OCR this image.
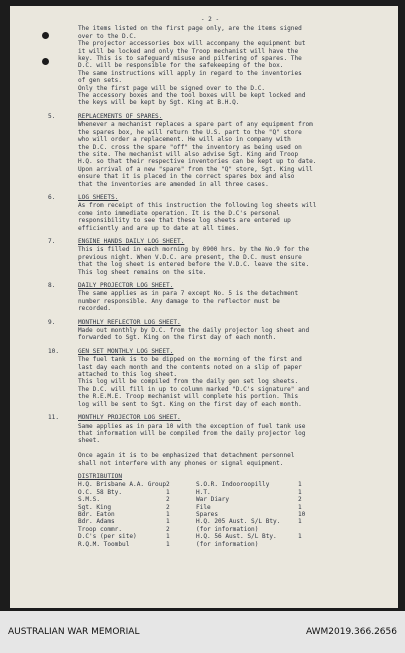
- 2 -
The items listed on the first page only, are the items signed
over to the D.C.
The projector accessories box will accompany the equipment but
it will be locked and only the Troop mechanist will have the
key. This is to safeguard misuse and pilfering of spares. The
D.C. will be responsible for the safekeeping of the box.
The same instructions will apply in regard to the inventories
of gen sets.
Only the first page will be signed over to the D.C.
The accessory boxes and the tool boxes will be kept locked and
the keys will be kept by Sgt. King at B.H.Q.
5.	REPLACEMENTS OF SPARES.
Whenever a mechanist replaces a spare part of any equipment from
the spares box, he will return the U.S. part to the "Q" store
who will order a replacement. He will also in company with
the D.C. cross the spare "off" the inventory as being used on
the site. The mechanist will also advise Sgt. King and Troop
H.Q. so that their respective inventories can be kept up to date.
Upon arrival of a new "spare" from the "Q" store, Sgt. King will
ensure that it is placed in the correct spares box and also
that the inventories are amended in all three cases.
6.	LOG SHEETS.
As from receipt of this instruction the following log sheets will
come into immediate operation. It is the D.C's personal
responsibility to see that these log sheets are entered up
efficiently and are up to date at all times.
7.	ENGINE HANDS DAILY LOG SHEET.
This is filled in each morning by 0900 hrs. by the No.9 for the
previous night. When V.D.C. are present, the D.C. must ensure
that the log sheet is entered before the V.D.C. leave the site.
This log sheet remains on the site.
8.	DAILY PROJECTOR LOG SHEET.
The same applies as in para 7 except No. 5 is the detachment
number responsible. Any damage to the reflector must be
recorded.
9.	MONTHLY REFLECTOR LOG SHEET.
Made out monthly by D.C. from the daily projector log sheet and
forwarded to Sgt. King on the first day of each month.
10.	GEN SET MONTHLY LOG SHEET.
The fuel tank is to be dipped on the morning of the first and
last day each month and the contents noted on a slip of paper
attached to this log sheet.
This log will be compiled from the daily gen set log sheets.
The D.C. will fill in up to column marked "D.C's signature" and
the R.E.M.E. Troop mechanist will complete his portion. This
log will be sent to Sgt. King on the first day of each month.
11.	MONTHLY PROJECTOR LOG SHEET.
Same applies as in para 10 with the exception of fuel tank use
that information will be compiled from the daily projector log
sheet.
Once again it is to be emphasized that detachment personnel
shall not interfere with any phones or signal equipment.
DISTRIBUTION
H.Q. Brisbane A.A. Group 2	S.O.R. Indooroopilly	1
O.C. 58 Bty.	1	H.T.	1
S.M.S.	2	War Diary	2
Sgt. King	2	File	1
Bdr. Eaton	1	Spares	10
Bdr. Adams	1	H.Q. 205 Aust. S/L Bty.	1
Troop commr.	2	(for information)
D.C's (per site)	1	H.Q. 56 Aust. S/L Bty.	1
R.Q.M. Toombul	1	(for information)
AUSTRALIAN WAR MEMORIAL	AWM2019.366.2656
